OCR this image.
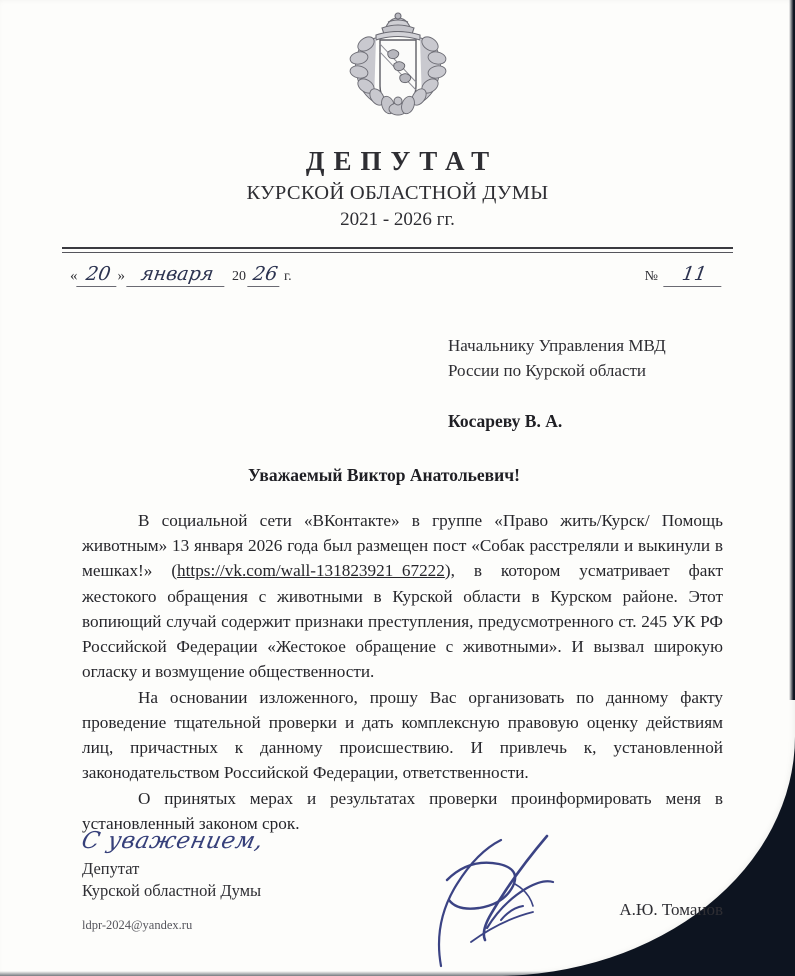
ДЕПУТАТ
КУРСКОЙ ОБЛАСТНОЙ ДУМЫ
2021 - 2026 гг.
« 20 » января	20 26 г.	№	11
Начальнику Управления МВД
России по Курской области
Косареву В. А.
Уважаемый Виктор Анатольевич!

В социальной сети «ВКонтакте» в группе «Право жить/Курск/ Помощь животным» 13 января 2026 года был размещен пост «Собак расстреляли и выкинули в мешках!» (https://vk.com/wall-131823921_67222), в котором усматривает факт жестокого обращения с животными в Курской области в Курском районе. Этот вопиющий случай содержит признаки преступления, предусмотренного ст. 245 УК РФ Российской Федерации «Жестокое обращение с животными». И вызвал широкую огласку и возмущение общественности.

На основании изложенного, прошу Вас организовать по данному факту проведение тщательной проверки и дать комплексную правовую оценку действиям лиц, причастных к данному происшествию. И привлечь к, установленной законодательством Российской Федерации, ответственности.

О принятых мерах и результатах проверки проинформировать меня в установленный законом срок.

С уважением,
Депутат
Курской областной Думы
ldpr-2024@yandex.ru
А.Ю. Томанов
